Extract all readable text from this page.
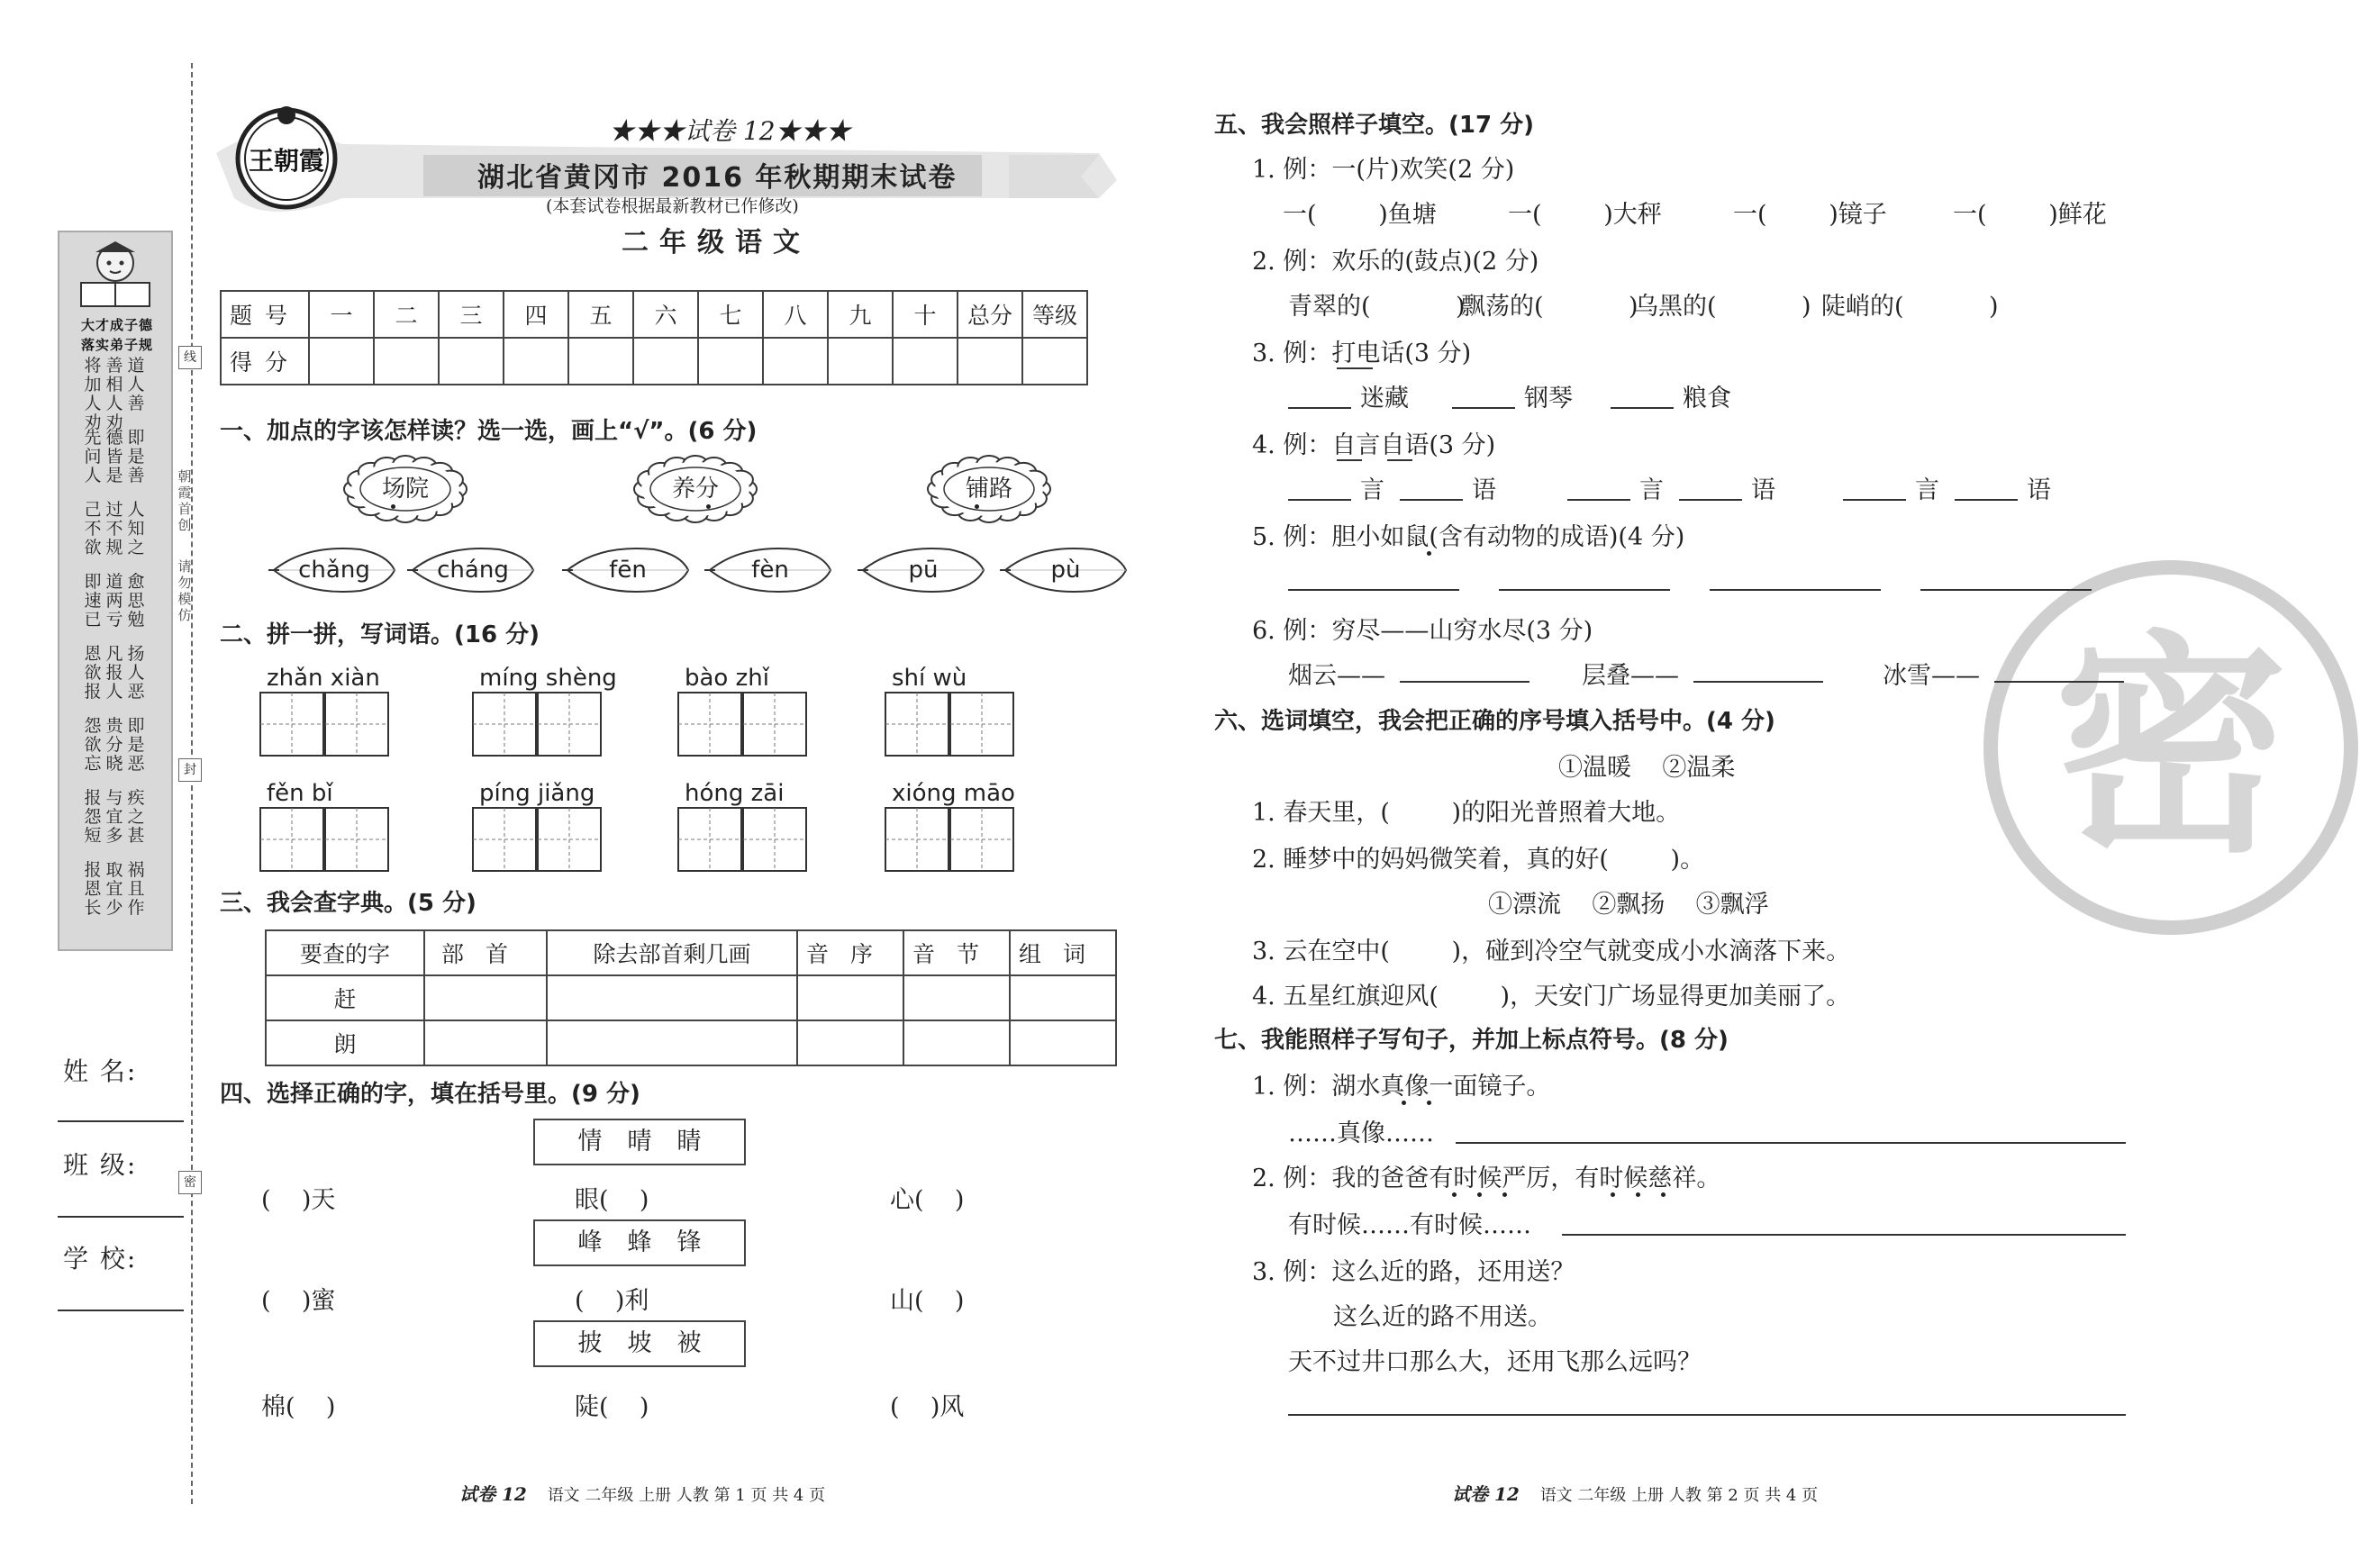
大才成子德
落实弟子规
将加人劝
善相人劝
道人善
先问人
德皆是
即是善
己不欲
过不规
人知之
即速已
道两亏
愈思勉
恩欲报
凡报人
扬人恶
怨欲忘
贵分晓
即是恶
报怨短
与宜多
疾之甚
报恩长
取宜少
祸且作
线
封
密
朝霞首创
请勿模仿
姓 名:
班 级:
学 校:
王朝霞
★★★试卷 12★★★
湖北省黄冈市 2016 年秋期期末试卷
(本套试卷根据最新教材已作修改)
二年级语文
题号	一	二	三	四	五	六	七	八	九	十	总分	等级
得分												
一、加点的字该怎样读？选一选，画上“√”。(6 分)
场院	养分	铺路
chǎng	cháng	fēn	fèn	pū	pù
二、拼一拼，写词语。(16 分)
zhǎn xiàn	míng shèng	bào zhǐ	shí wù
fěn bǐ	píng jiǎng	hóng zāi	xióng māo
三、我会查字典。(5 分)
要查的字	部首	除去部首剩几画	音序	音节	组词
赶					
朗					
四、选择正确的字，填在括号里。(9 分)
情晴睛
(    )天	眼(    )	心(    )
峰蜂锋
(    )蜜	(    )利	山(    )
披坡被
棉(    )	陡(    )	(    )风
试卷 12 语文 二年级 上册 人教 第 1 页 共 4 页	试卷 12 语文 二年级 上册 人教 第 2 页 共 4 页
密
五、我会照样子填空。(17 分)
1. 例：一(片)欢笑(2 分)
一(        )鱼塘	一(        )大秤	一(        )镜子	一(        )鲜花
2. 例：欢乐的(鼓点)(2 分)
青翠的(           )
飘荡的(           )
乌黑的(           ) 陡峭的(           )
3. 例：打电话(3 分)
迷藏	钢琴	粮食
4. 例：自言自语(3 分)
言	语	言	语	言	语
5. 例：胆小如鼠(含有动物的成语)(4 分)
6. 例：穷尽——山穷水尽(3 分)
烟云——	层叠——	冰雪——
六、选词填空，我会把正确的序号填入括号中。(4 分)
①温暖    ②温柔
1. 春天里，(        )的阳光普照着大地。
2. 睡梦中的妈妈微笑着，真的好(        )。
①漂流    ②飘扬    ③飘浮
3. 云在空中(        )，碰到冷空气就变成小水滴落下来。
4. 五星红旗迎风(        )，天安门广场显得更加美丽了。
七、我能照样子写句子，并加上标点符号。(8 分)
1. 例：湖水真像一面镜子。
……真像……
2. 例：我的爸爸有时候严厉，有时候慈祥。
有时候……有时候……
3. 例：这么近的路，还用送？
这么近的路不用送。
天不过井口那么大，还用飞那么远吗？
